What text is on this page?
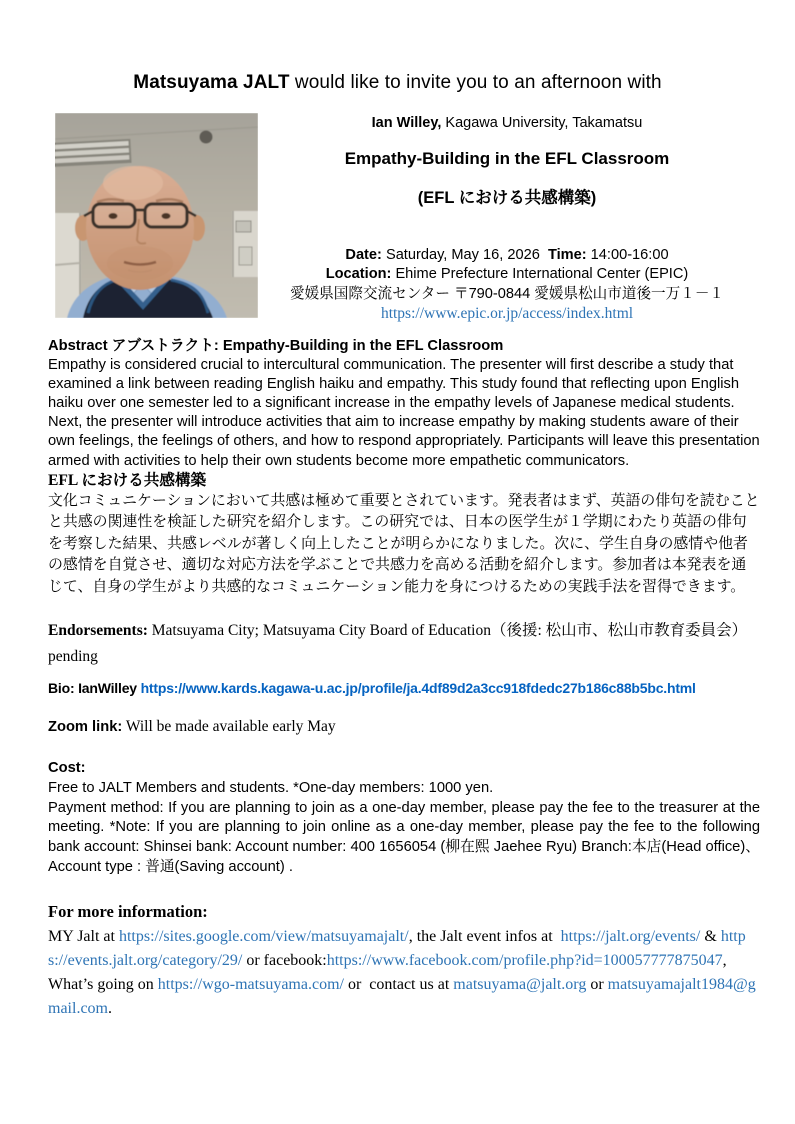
Matsuyama JALT would like to invite you to an afternoon with
Ian Willey, Kagawa University, Takamatsu
Empathy-Building in the EFL Classroom
(EFL における共感構築)
Date: Saturday, May 16, 2026  Time: 14:00-16:00
Location: Ehime Prefecture International Center (EPIC)
愛媛県国際交流センター 〒790-0844 愛媛県松山市道後一万１－１
https://www.epic.or.jp/access/index.html
Abstract アブストラクト: Empathy-Building in the EFL Classroom
Empathy is considered crucial to intercultural communication. The presenter will first describe a study that examined a link between reading English haiku and empathy. This study found that reflecting upon English haiku over one semester led to a significant increase in the empathy levels of Japanese medical students. Next, the presenter will introduce activities that aim to increase empathy by making students aware of their own feelings, the feelings of others, and how to respond appropriately. Participants will leave this presentation armed with activities to help their own students become more empathetic communicators.
EFL における共感構築
文化コミュニケーションにおいて共感は極めて重要とされています。発表者はまず、英語の俳句を読むことと共感の関連性を検証した研究を紹介します。この研究では、日本の医学生が１学期にわたり英語の俳句を考察した結果、共感レベルが著しく向上したことが明らかになりました。次に、学生自身の感情や他者の感情を自覚させ、適切な対応方法を学ぶことで共感力を高める活動を紹介します。参加者は本発表を通じて、自身の学生がより共感的なコミュニケーション能力を身につけるための実践手法を習得できます。
Endorsements: Matsuyama City; Matsuyama City Board of Education（後援: 松山市、松山市教育委員会）pending
Bio: IanWilley https://www.kards.kagawa-u.ac.jp/profile/ja.4df89d2a3cc918fdedc27b186c88b5bc.html
Zoom link: Will be made available early May
Cost:
Free to JALT Members and students. *One-day members: 1000 yen.
Payment method: If you are planning to join as a one-day member, please pay the fee to the treasurer at the meeting. *Note: If you are planning to join online as a one-day member, please pay the fee to the following bank account: Shinsei bank: Account number: 400 1656054 (柳在熙 Jaehee Ryu) Branch:本店(Head office)、 Account type : 普通(Saving account) .
For more information:
MY Jalt at https://sites.google.com/view/matsuyamajalt/, the Jalt event infos at  https://jalt.org/events/ & https://events.jalt.org/category/29/ or facebook:https://www.facebook.com/profile.php?id=100057777875047, What’s going on https://wgo-matsuyama.com/ or  contact us at matsuyama@jalt.org or matsuyamajalt1984@gmail.com.
